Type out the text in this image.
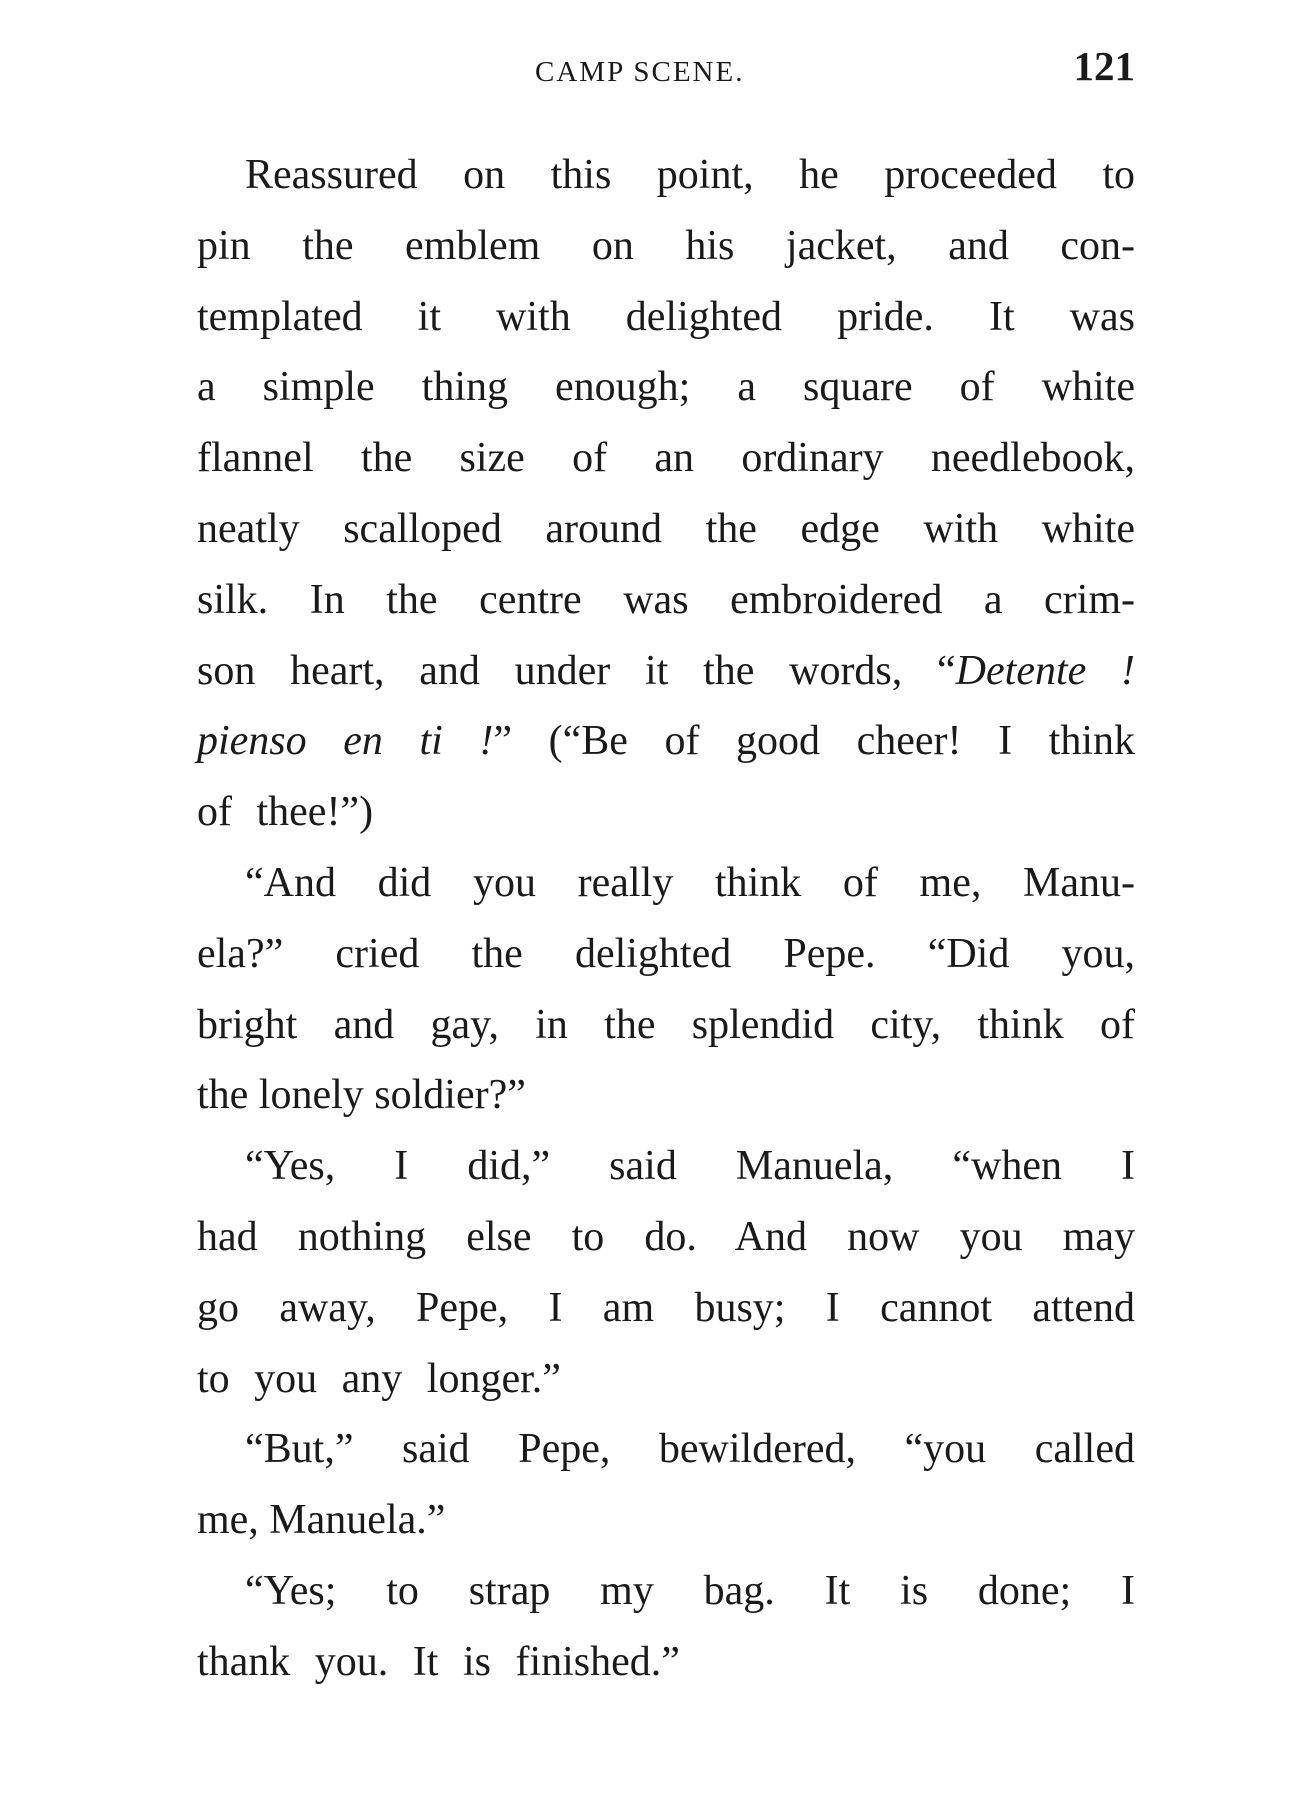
CAMP SCENE.	121

Reassured on this point, he proceeded to
pin the emblem on his jacket, and con-
templated it with delighted pride. It was
a simple thing enough; a square of white
flannel the size of an ordinary needlebook,
neatly scalloped around the edge with white
silk. In the centre was embroidered a crim-
son heart, and under it the words, “Detente !
pienso en ti !” (“Be of good cheer! I think
of thee!”)

“And did you really think of me, Manu-
ela?” cried the delighted Pepe. “Did you,
bright and gay, in the splendid city, think of
the lonely soldier?”

“Yes, I did,” said Manuela, “when I
had nothing else to do. And now you may
go away, Pepe, I am busy; I cannot attend
to you any longer.”

“But,” said Pepe, bewildered, “you called
me, Manuela.”

“Yes; to strap my bag. It is done; I
thank you. It is finished.”
